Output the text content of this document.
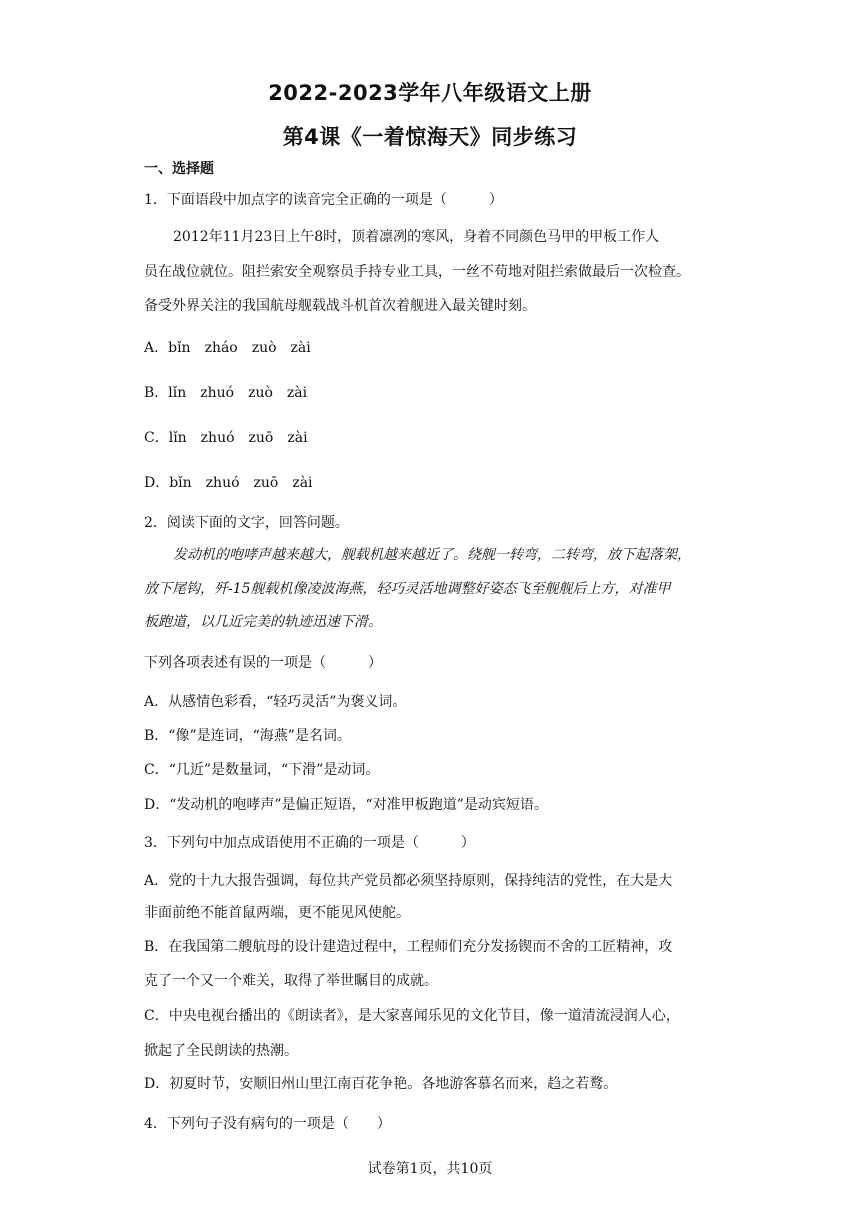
2022-2023学年八年级语文上册
第4课《一着惊海天》同步练习
一、选择题
1．下面语段中加点字的读音完全正确的一项是（　　　）
2012年11月23日上午8时，顶着凛冽的寒风，身着不同颜色马甲的甲板工作人
员在战位就位。阻拦索安全观察员手持专业工具，一丝不苟地对阻拦索做最后一次检查。
备受外界关注的我国航母舰载战斗机首次着舰进入最关键时刻。
A．bǐn　zháo　zuò　zài
B．lǐn　zhuó　zuò　zài
C．lǐn　zhuó　zuō　zài
D．bǐn　zhuó　zuō　zài
2．阅读下面的文字，回答问题。
发动机的咆哮声越来越大，舰载机越来越近了。绕舰一转弯，二转弯，放下起落架，
放下尾钩，歼-15舰载机像凌波海燕，轻巧灵活地调整好姿态飞至舰舰后上方，对准甲
板跑道，以几近完美的轨迹迅速下滑。
下列各项表述有误的一项是（　　　）
A．从感情色彩看，“轻巧灵活”为褒义词。
B．“像”是连词，“海燕”是名词。
C．“几近”是数量词，“下滑”是动词。
D．“发动机的咆哮声”是偏正短语，“对准甲板跑道”是动宾短语。
3．下列句中加点成语使用不正确的一项是（　　　）
A．党的十九大报告强调，每位共产党员都必须坚持原则，保持纯洁的党性，在大是大
非面前绝不能首鼠两端，更不能见风使舵。
B．在我国第二艘航母的设计建造过程中，工程师们充分发扬锲而不舍的工匠精神，攻
克了一个又一个难关，取得了举世瞩目的成就。
C．中央电视台播出的《朗读者》，是大家喜闻乐见的文化节目，像一道清流浸润人心，
掀起了全民朗读的热潮。
D．初夏时节，安顺旧州山里江南百花争艳。各地游客慕名而来，趋之若鹜。
4．下列句子没有病句的一项是（　　）
试卷第1页，共10页
